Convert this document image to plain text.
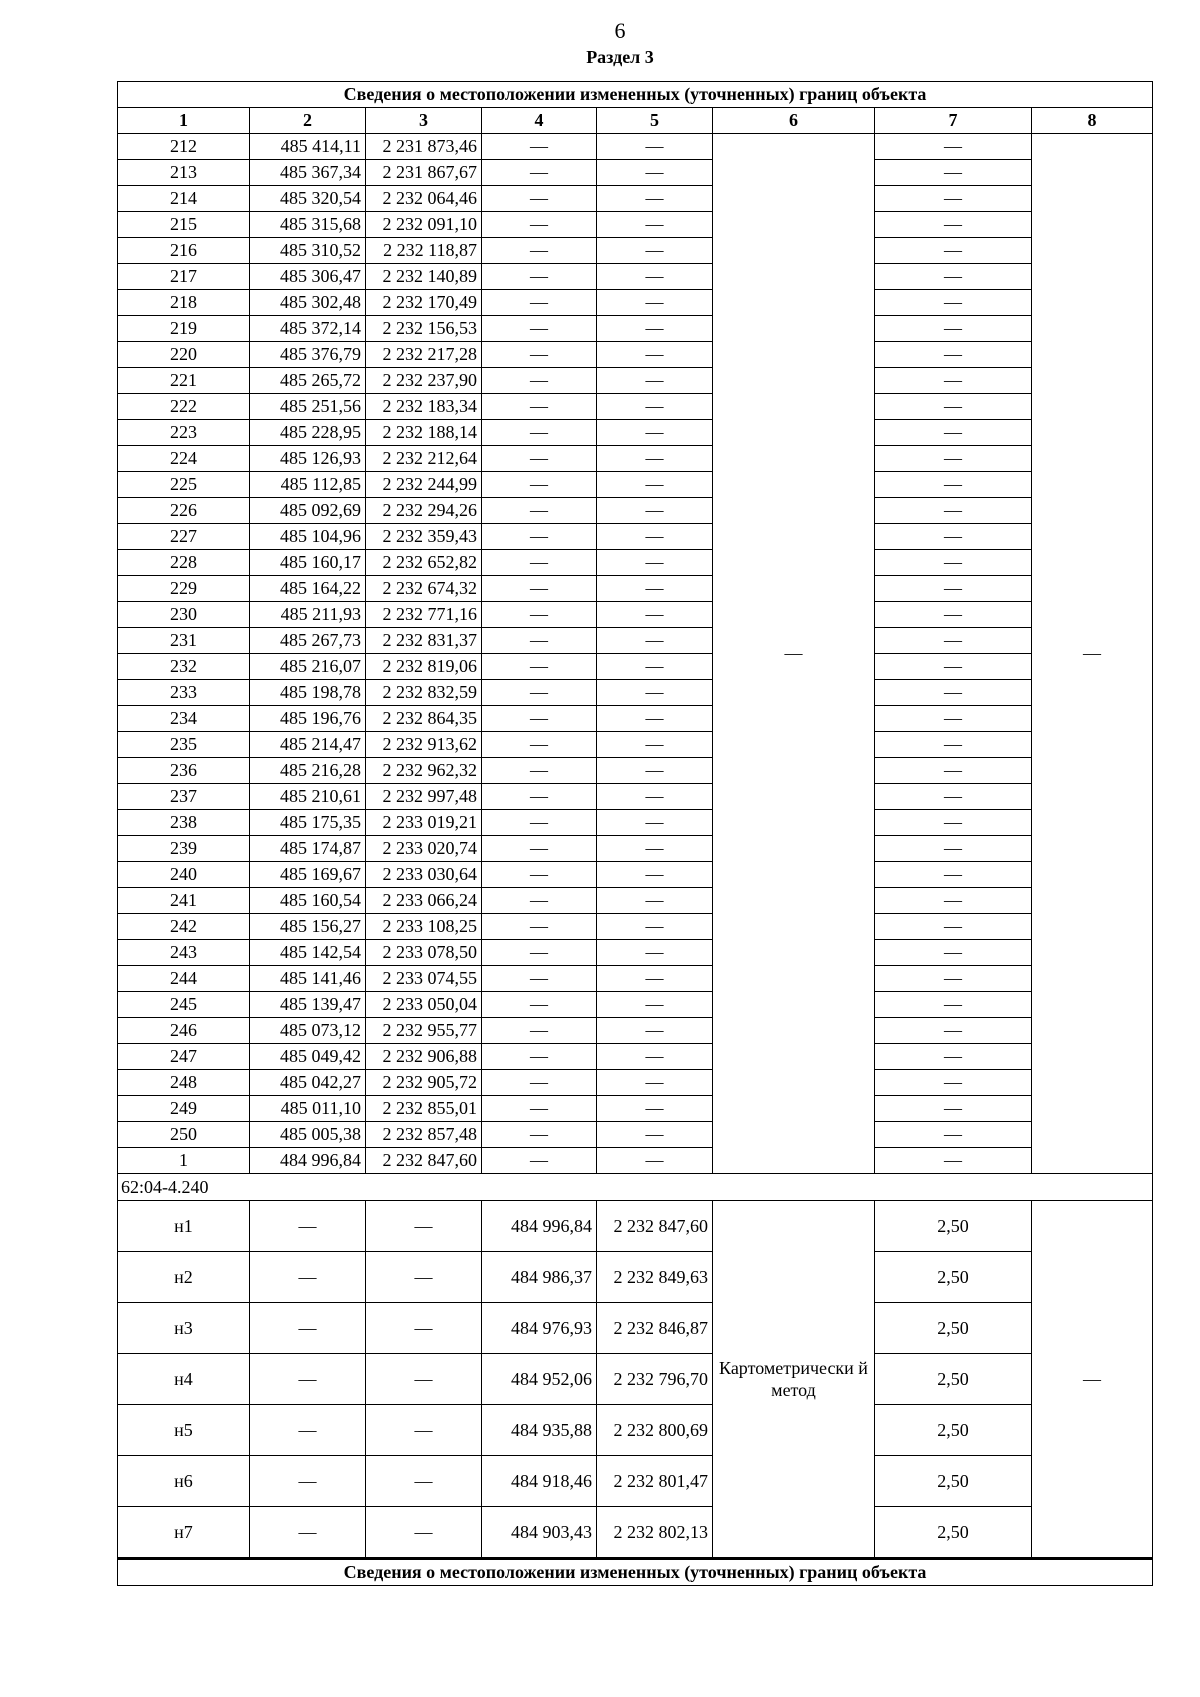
6
Раздел 3
Сведения о местоположении измененных (уточненных) границ объекта							
1	2	3	4	5	6	7	8
212	485 414,11	2 231 873,46	—	—	—	—	—
213	485 367,34	2 231 867,67	—	—		—	
214	485 320,54	2 232 064,46	—	—		—	
215	485 315,68	2 232 091,10	—	—		—	
216	485 310,52	2 232 118,87	—	—		—	
217	485 306,47	2 232 140,89	—	—		—	
218	485 302,48	2 232 170,49	—	—		—	
219	485 372,14	2 232 156,53	—	—		—	
220	485 376,79	2 232 217,28	—	—		—	
221	485 265,72	2 232 237,90	—	—		—	
222	485 251,56	2 232 183,34	—	—		—	
223	485 228,95	2 232 188,14	—	—		—	
224	485 126,93	2 232 212,64	—	—		—	
225	485 112,85	2 232 244,99	—	—		—	
226	485 092,69	2 232 294,26	—	—		—	
227	485 104,96	2 232 359,43	—	—		—	
228	485 160,17	2 232 652,82	—	—		—	
229	485 164,22	2 232 674,32	—	—		—	
230	485 211,93	2 232 771,16	—	—		—	
231	485 267,73	2 232 831,37	—	—		—	
232	485 216,07	2 232 819,06	—	—		—	
233	485 198,78	2 232 832,59	—	—		—	
234	485 196,76	2 232 864,35	—	—		—	
235	485 214,47	2 232 913,62	—	—		—	
236	485 216,28	2 232 962,32	—	—		—	
237	485 210,61	2 232 997,48	—	—		—	
238	485 175,35	2 233 019,21	—	—		—	
239	485 174,87	2 233 020,74	—	—		—	
240	485 169,67	2 233 030,64	—	—		—	
241	485 160,54	2 233 066,24	—	—		—	
242	485 156,27	2 233 108,25	—	—		—	
243	485 142,54	2 233 078,50	—	—		—	
244	485 141,46	2 233 074,55	—	—		—	
245	485 139,47	2 233 050,04	—	—		—	
246	485 073,12	2 232 955,77	—	—		—	
247	485 049,42	2 232 906,88	—	—		—	
248	485 042,27	2 232 905,72	—	—		—	
249	485 011,10	2 232 855,01	—	—		—	
250	485 005,38	2 232 857,48	—	—		—	
1	484 996,84	2 232 847,60	—	—		—	
62:04-4.240							
н1	—	—	484 996,84	2 232 847,60	Картометрически й метод	2,50	—
н2	—	—	484 986,37	2 232 849,63		2,50	
н3	—	—	484 976,93	2 232 846,87		2,50	
н4	—	—	484 952,06	2 232 796,70		2,50	
н5	—	—	484 935,88	2 232 800,69		2,50	
н6	—	—	484 918,46	2 232 801,47		2,50	
н7	—	—	484 903,43	2 232 802,13		2,50	
Сведения о местоположении измененных (уточненных) границ объекта							
